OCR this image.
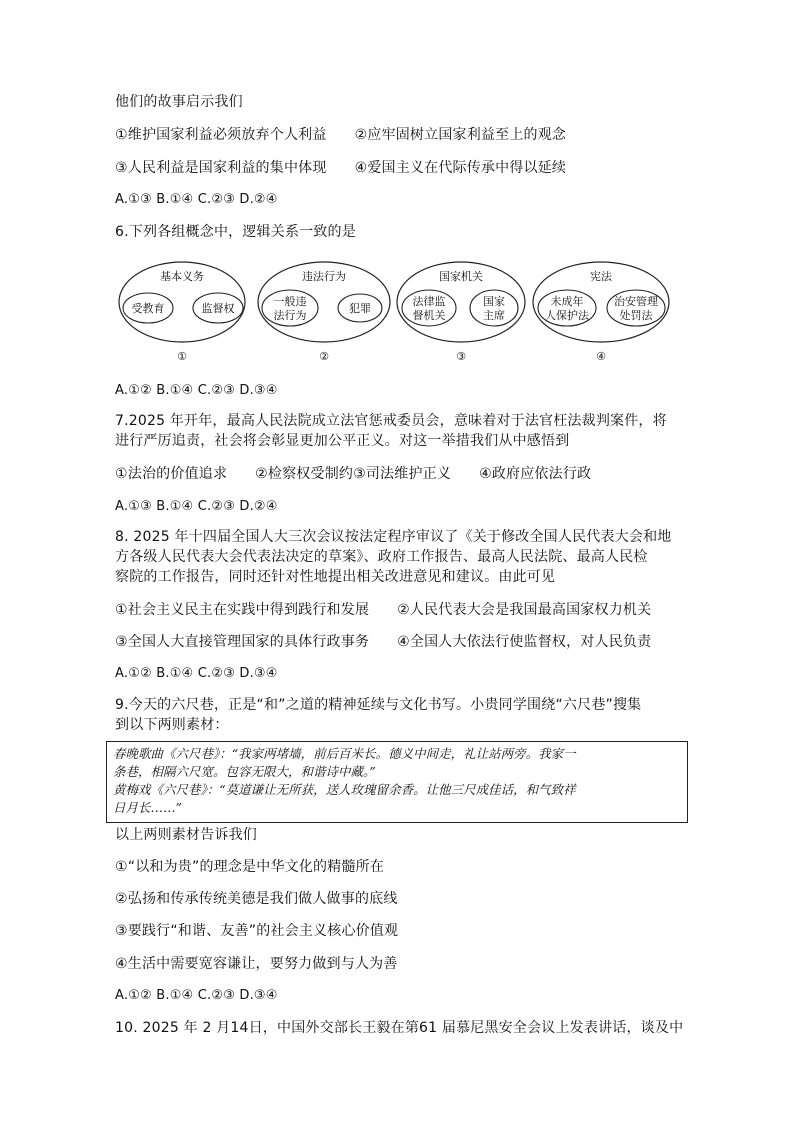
他们的故事启示我们
①维护国家利益必须放弃个人利益 ②应牢固树立国家利益至上的观念
③人民利益是国家利益的集中体现 ④爱国主义在代际传承中得以延续
A.①③ B.①④ C.②③ D.②④
6.下列各组概念中，逻辑关系一致的是
基本义务
受教育	监督权
①
违法行为
一般违
法行为
犯罪
②
国家机关
法律监
督机关
国家
主席
③
宪法
未成年
人保护法
治安管理
处罚法
④
A.①② B.①④ C.②③ D.③④
7.2025 年开年，最高人民法院成立法官惩戒委员会，意味着对于法官枉法裁判案件，将
进行严厉追责，社会将会彰显更加公平正义。对这一举措我们从中感悟到
①法治的价值追求 ②检察权受制约③司法维护正义 ④政府应依法行政
A.①③ B.①④ C.②③ D.②④
8. 2025 年十四届全国人大三次会议按法定程序审议了《关于修改全国人民代表大会和地
方各级人民代表大会代表法决定的草案》、政府工作报告、最高人民法院、最高人民检
察院的工作报告，同时还针对性地提出相关改进意见和建议。由此可见
①社会主义民主在实践中得到践行和发展 ②人民代表大会是我国最高国家权力机关
③全国人大直接管理国家的具体行政事务 ④全国人大依法行使监督权，对人民负责
A.①② B.①④ C.②③ D.③④
9.今天的六尺巷，正是“和”之道的精神延续与文化书写。小贵同学围绕“六尺巷”搜集
到以下两则素材：
春晚歌曲《六尺巷》：“我家两堵墙，前后百米长。德义中间走，礼让站两旁。我家一
条巷，相隔六尺宽。包容无限大，和谐诗中藏。”
黄梅戏《六尺巷》：“莫道谦让无所获，送人玫瑰留余香。让他三尺成佳话，和气致祥
日月长……”
以上两则素材告诉我们
①“以和为贵”的理念是中华文化的精髓所在
②弘扬和传承传统美德是我们做人做事的底线
③要践行“和谐、友善”的社会主义核心价值观
④生活中需要宽容谦让，要努力做到与人为善
A.①② B.①④ C.②③ D.③④
10. 2025 年 2 月14日，中国外交部长王毅在第61 届慕尼黑安全会议上发表讲话，谈及中
